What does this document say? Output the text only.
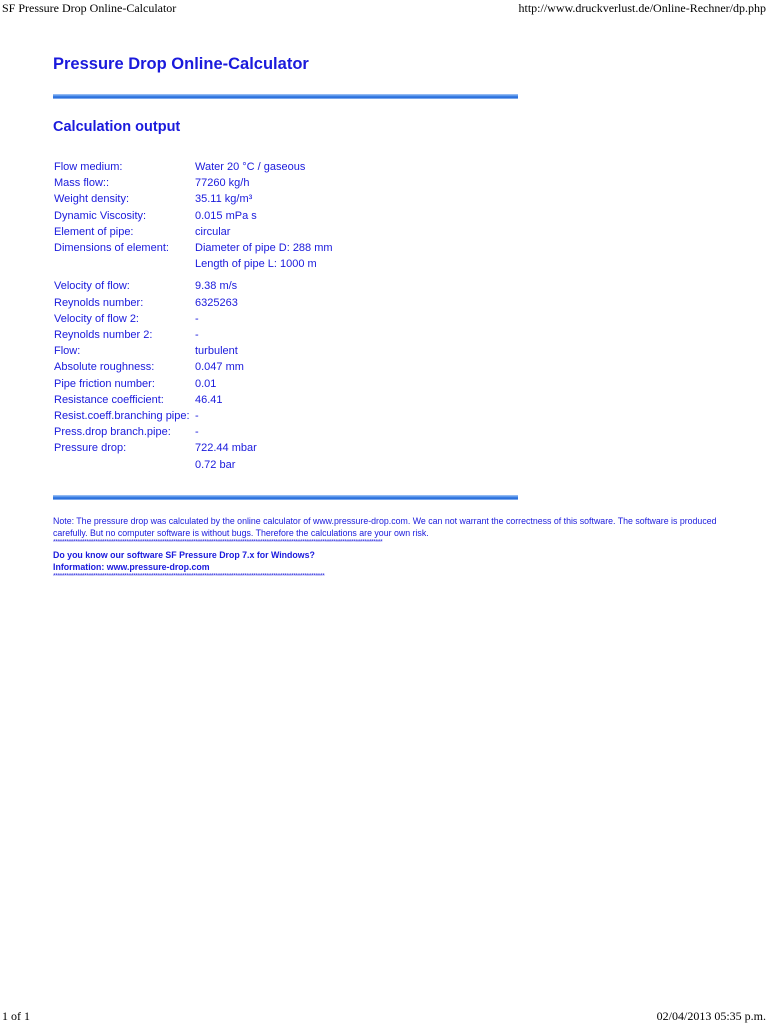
SF Pressure Drop Online-Calculator	http://www.druckverlust.de/Online-Rechner/dp.php
Pressure Drop Online-Calculator
Calculation output
Flow medium:	Water 20 °C / gaseous
Mass flow::	77260 kg/h
Weight density:	35.11 kg/m³
Dynamic Viscosity:	0.015 mPa s
Element of pipe:	circular
Dimensions of element:	Diameter of pipe D: 288 mm
	Length of pipe L: 1000 m

Velocity of flow:	9.38 m/s
Reynolds number:	6325263
Velocity of flow 2:	-
Reynolds number 2:	-
Flow:	turbulent
Absolute roughness:	0.047 mm
Pipe friction number:	0.01
Resistance coefficient:	46.41
Resist.coeff.branching pipe:	-
Press.drop branch.pipe:	-
Pressure drop:	722.44 mbar
	0.72 bar
Note: The pressure drop was calculated by the online calculator of www.pressure-drop.com. We can not warrant the correctness of this software. The software is produced carefully. But no computer software is without bugs. Therefore the calculations are your own risk.
****************************************************************************************************************************************************
Do you know our software SF Pressure Drop 7.x for Windows?
Information: www.pressure-drop.com
**************************************************************************************************************************
1 of 1	02/04/2013 05:35 p.m.
